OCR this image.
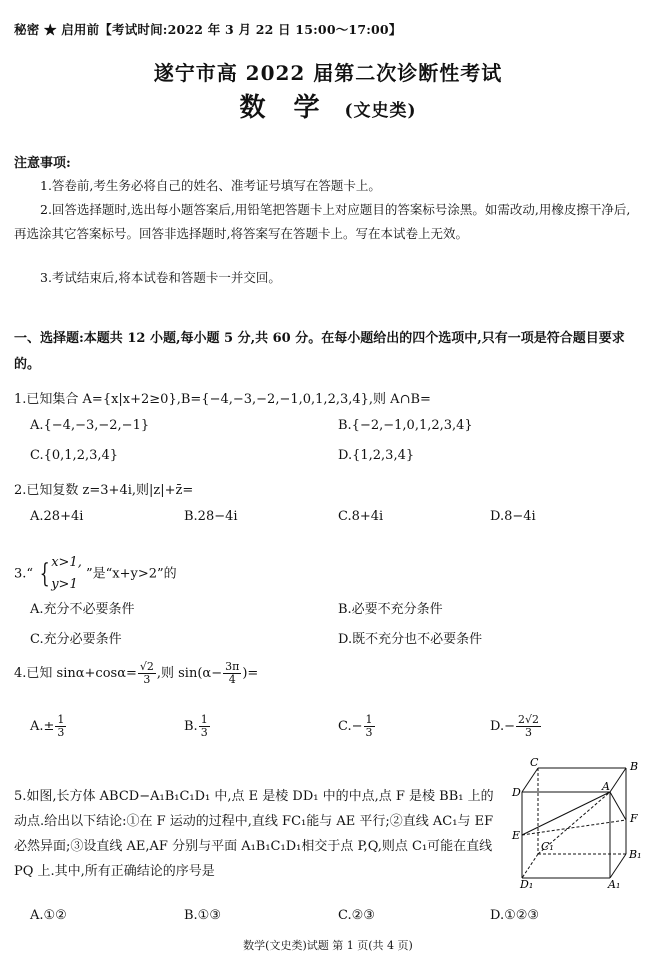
秘密 ★ 启用前【考试时间:2022 年 3 月 22 日 15:00～17:00】
遂宁市高 2022 届第二次诊断性考试
数　学 (文史类)
注意事项:
1.答卷前,考生务必将自己的姓名、准考证号填写在答题卡上。
2.回答选择题时,选出每小题答案后,用铅笔把答题卡上对应题目的答案标号涂黑。如需改动,用橡皮擦干净后,再选涂其它答案标号。回答非选择题时,将答案写在答题卡上。写在本试卷上无效。
3.考试结束后,将本试卷和答题卡一并交回。
一、选择题:本题共 12 小题,每小题 5 分,共 60 分。在每小题给出的四个选项中,只有一项是符合题目要求的。
1.已知集合 A={x|x+2≥0},B={−4,−3,−2,−1,0,1,2,3,4},则 A∩B=
A.{−4,−3,−2,−1}	B.{−2,−1,0,1,2,3,4}
C.{0,1,2,3,4}	D.{1,2,3,4}
2.已知复数 z=3+4i,则|z|+z̄=
A.28+4i	B.28−4i	C.8+4i	D.8−4i
3.“ { x>1,
y>1
”是“x+y>2”的
A.充分不必要条件	B.必要不充分条件
C.充分必要条件	D.既不充分也不必要条件
4.已知 $\sin\alpha+\cos\alpha= \frac{√2}{3}$ ,则 $\sin(\alpha- \frac{3\pi}{4}$ )=
$A.\pm \frac{1}{3}$	B. $\frac{1}{3}$	$C.- \frac{1}{3}$	$D.- \frac{2√2}{3}$
5.如图,长方体 ABCD−A₁B₁C₁D₁ 中,点 E 是棱 DD₁ 中的中点,点 F 是棱 BB₁ 上的动点.给出以下结论:①在 F 运动的过程中,直线 FC₁能与 AE 平行;②直线 AC₁与 EF 必然异面;③设直线 AE,AF 分别与平面 A₁B₁C₁D₁相交于点 P,Q,则点 C₁可能在直线 PQ 上.其中,所有正确结论的序号是
C	B
D	A
F
E
C₁
B₁
D₁	A₁
A.①②	B.①③	C.②③	D.①②③
数学(文史类)试题 第 1 页(共 4 页)
